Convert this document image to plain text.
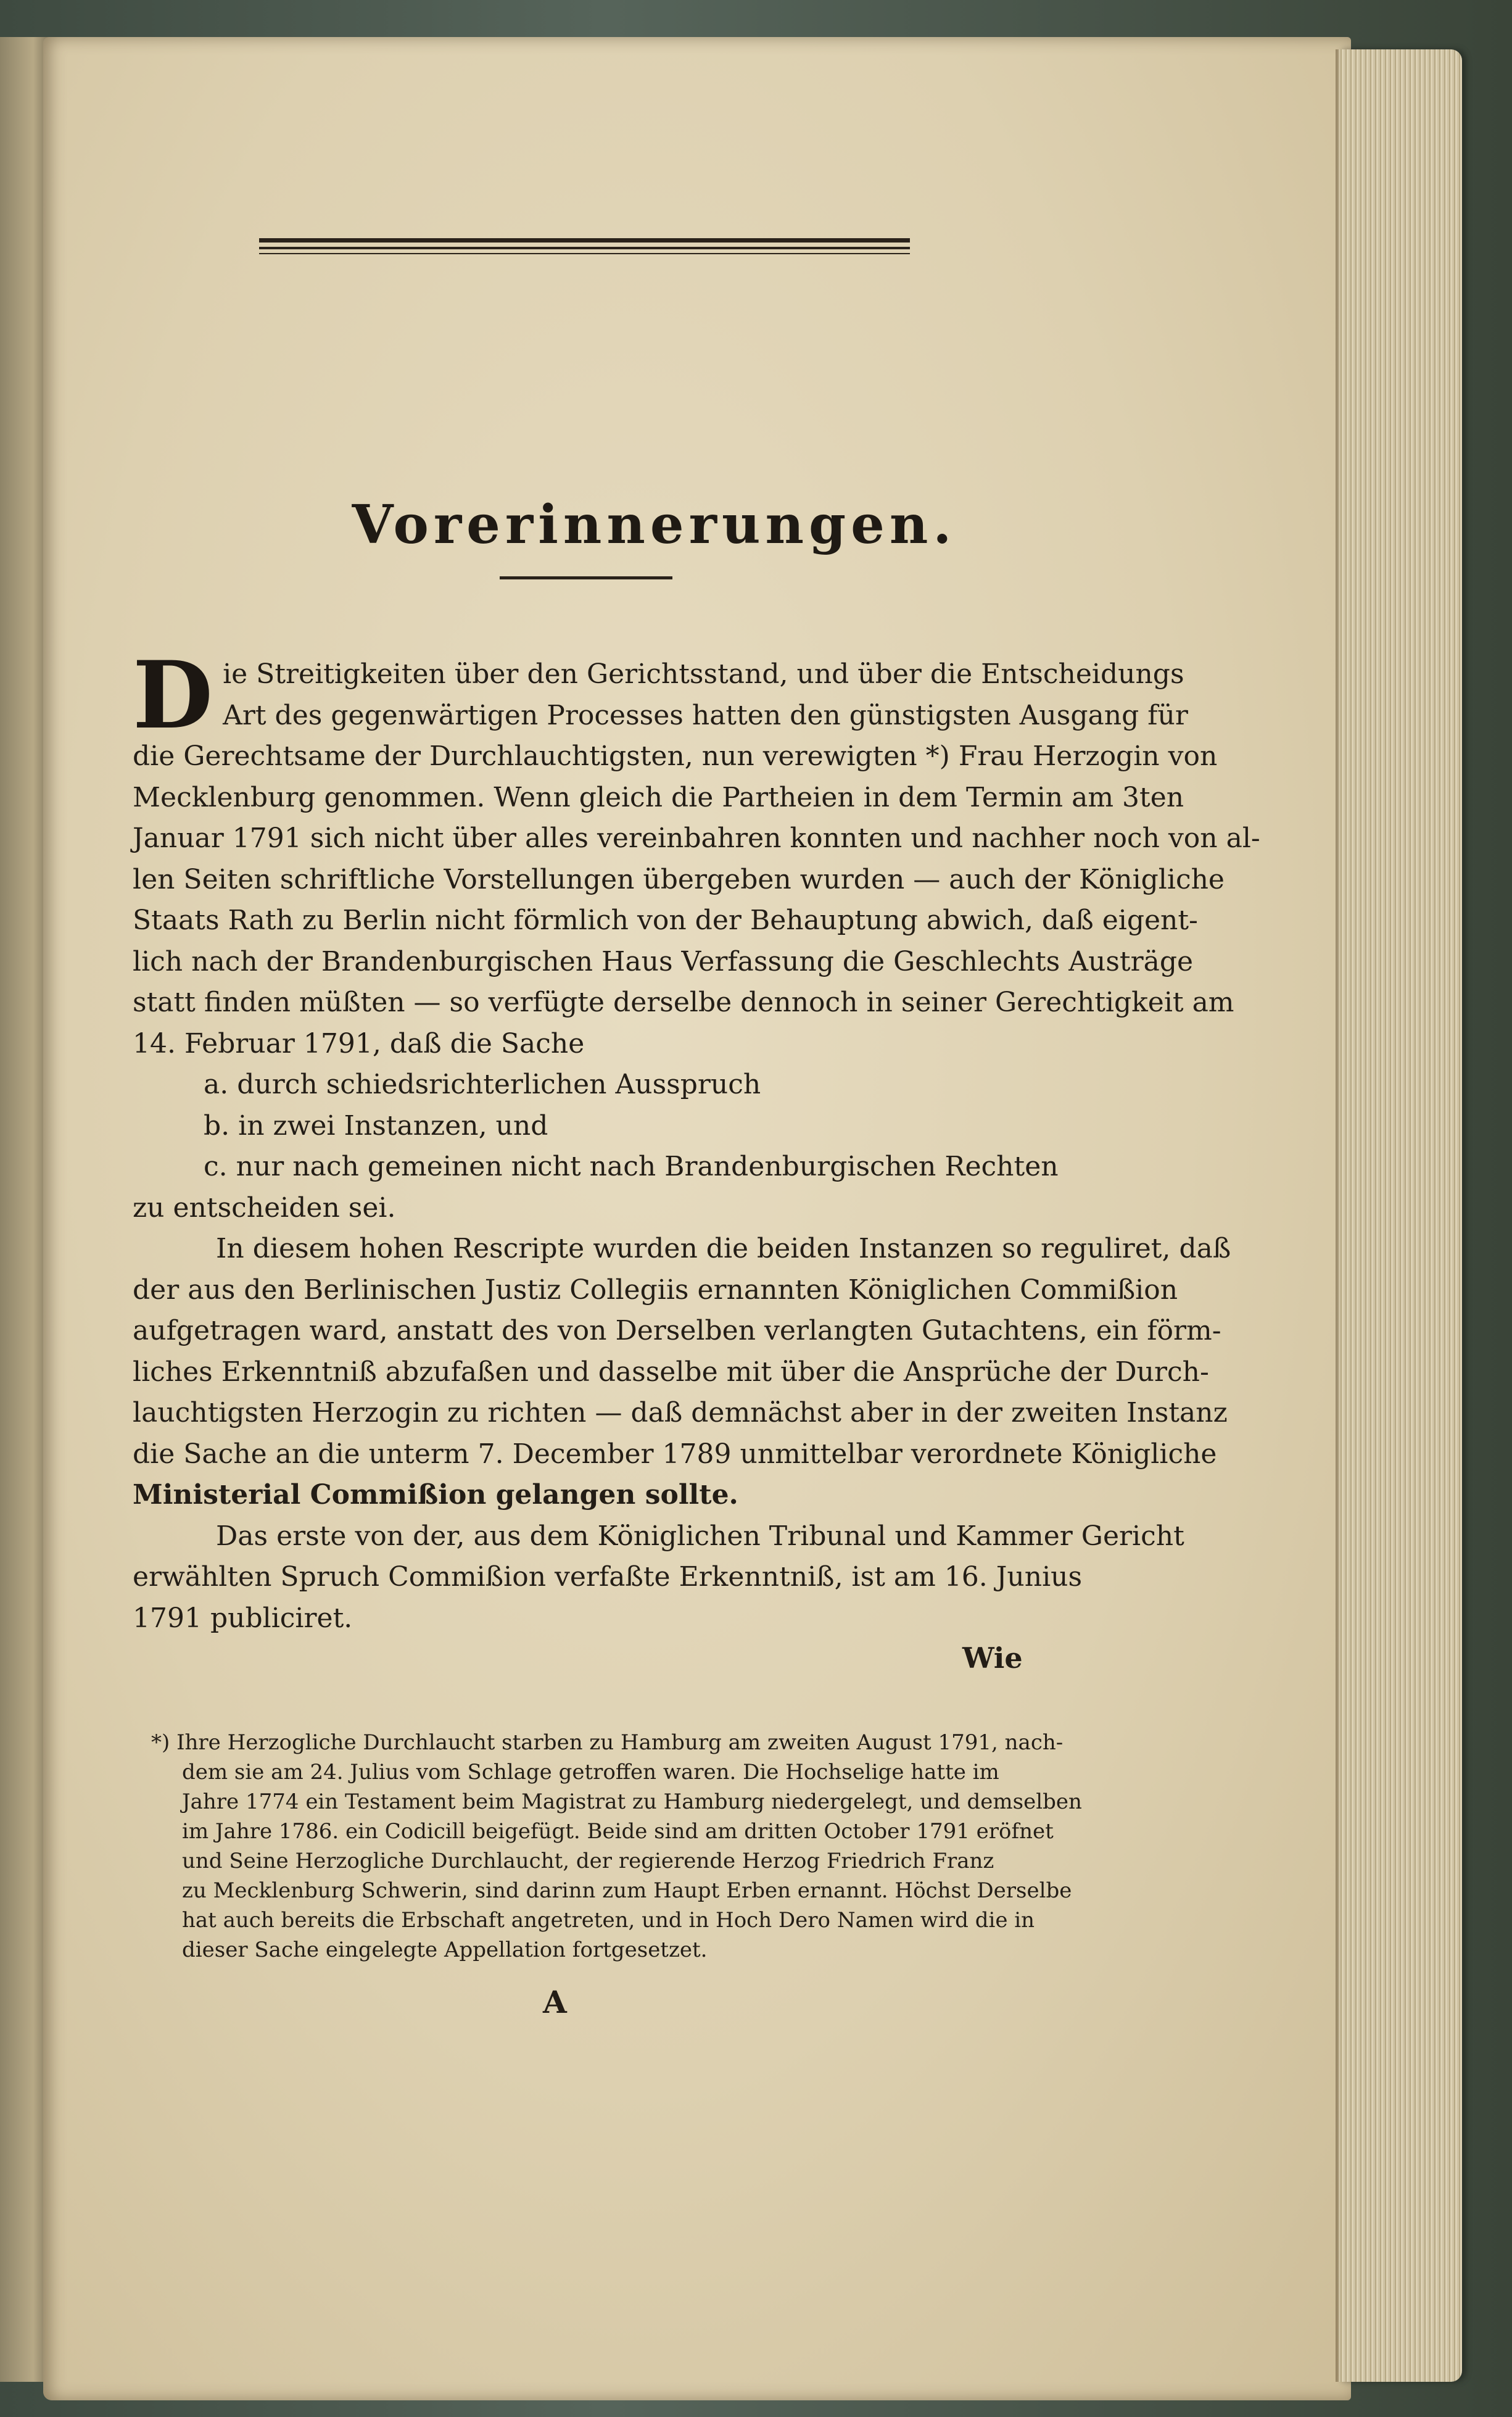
Vorerinnerungen.
D ie Streitigkeiten über den Gerichtsstand, und über die Entscheidungs
Art des gegenwärtigen Processes hatten den günstigsten Ausgang für
die Gerechtsame der Durchlauchtigsten, nun verewigten *) Frau Herzogin von
Mecklenburg genommen. Wenn gleich die Partheien in dem Termin am 3ten
Januar 1791 sich nicht über alles vereinbahren konnten und nachher noch von al-
len Seiten schriftliche Vorstellungen übergeben wurden — auch der Königliche
Staats Rath zu Berlin nicht förmlich von der Behauptung abwich, daß eigent-
lich nach der Brandenburgischen Haus Verfassung die Geschlechts Austräge
statt finden müßten — so verfügte derselbe dennoch in seiner Gerechtigkeit am
14. Februar 1791, daß die Sache
a. durch schiedsrichterlichen Ausspruch
b. in zwei Instanzen, und
c. nur nach gemeinen nicht nach Brandenburgischen Rechten
zu entscheiden sei.
In diesem hohen Rescripte wurden die beiden Instanzen so reguliret, daß
der aus den Berlinischen Justiz Collegiis ernannten Königlichen Commißion
aufgetragen ward, anstatt des von Derselben verlangten Gutachtens, ein förm-
liches Erkenntniß abzufaßen und dasselbe mit über die Ansprüche der Durch-
lauchtigsten Herzogin zu richten — daß demnächst aber in der zweiten Instanz
die Sache an die unterm 7. December 1789 unmittelbar verordnete Königliche
Ministerial Commißion gelangen sollte.
Das erste von der, aus dem Königlichen Tribunal und Kammer Gericht
erwählten Spruch Commißion verfaßte Erkenntniß, ist am 16. Junius
1791 publiciret.
Wie
*) Ihre Herzogliche Durchlaucht starben zu Hamburg am zweiten August 1791, nach-
dem sie am 24. Julius vom Schlage getroffen waren. Die Hochselige hatte im
Jahre 1774 ein Testament beim Magistrat zu Hamburg niedergelegt, und demselben
im Jahre 1786. ein Codicill beigefügt. Beide sind am dritten October 1791 eröfnet
und Seine Herzogliche Durchlaucht, der regierende Herzog Friedrich Franz
zu Mecklenburg Schwerin, sind darinn zum Haupt Erben ernannt. Höchst Derselbe
hat auch bereits die Erbschaft angetreten, und in Hoch Dero Namen wird die in
dieser Sache eingelegte Appellation fortgesetzet.
A
